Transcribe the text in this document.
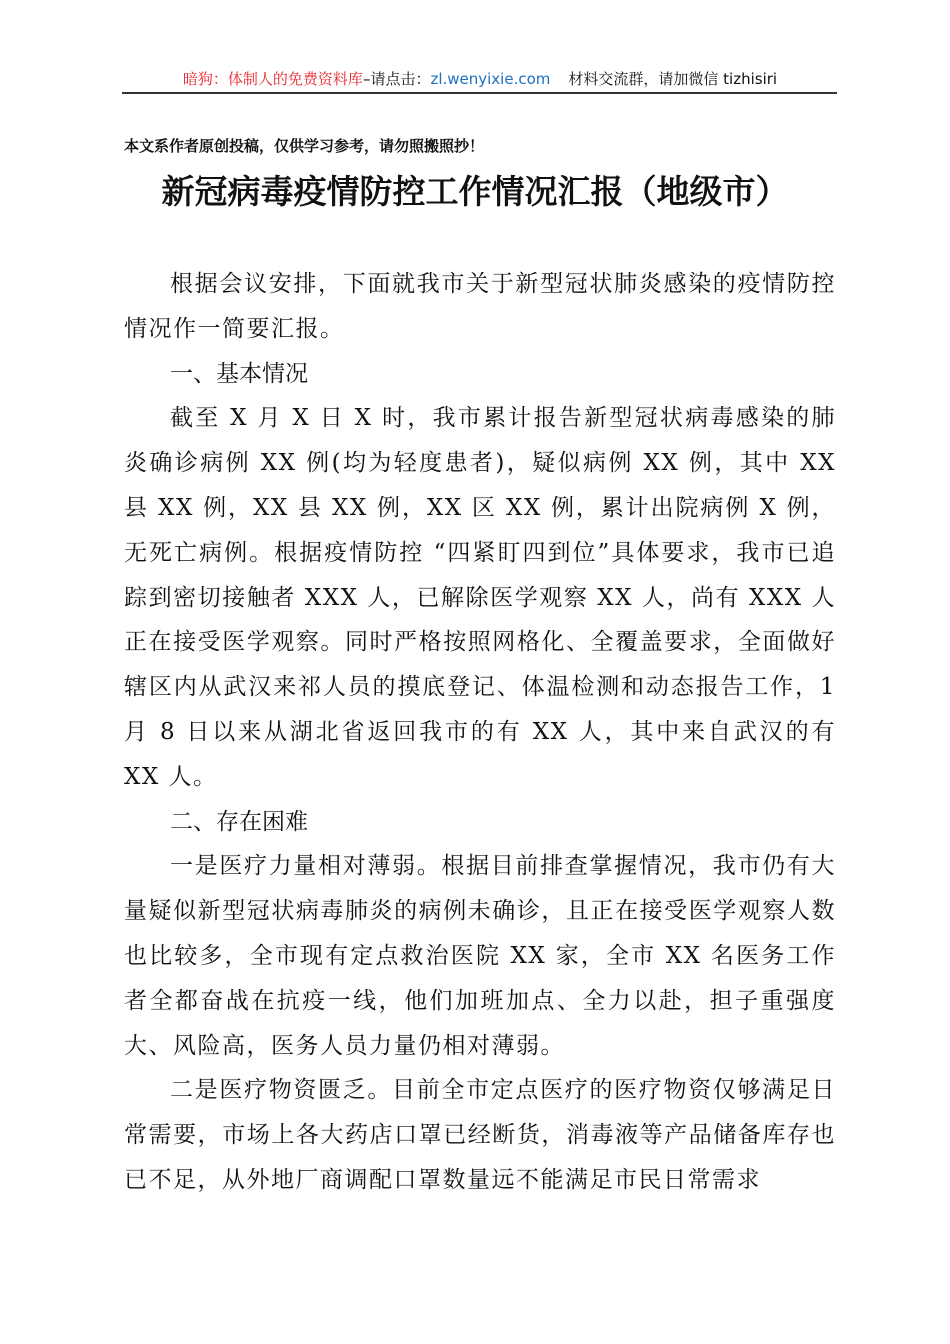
暗狗：体制人的免费资料库–请点击：zl.wenyixie.com 材料交流群，请加微信 tizhisiri
本文系作者原创投稿，仅供学习参考，请勿照搬照抄！
新冠病毒疫情防控工作情况汇报（地级市）

根据会议安排，下面就我市关于新型冠状肺炎感染的疫情防控情况作一简要汇报。

一、基本情况

截至 X 月 X 日 X 时，我市累计报告新型冠状病毒感染的肺炎确诊病例 XX 例(均为轻度患者)，疑似病例 XX 例，其中 XX 县 XX 例，XX 县 XX 例，XX 区 XX 例，累计出院病例 X 例，无死亡病例。根据疫情防控 “四紧盯四到位”具体要求，我市已追踪到密切接触者 XXX 人，已解除医学观察 XX 人，尚有 XXX 人正在接受医学观察。同时严格按照网格化、全覆盖要求，全面做好辖区内从武汉来祁人员的摸底登记、体温检测和动态报告工作，1 月 8 日以来从湖北省返回我市的有 XX 人，其中来自武汉的有 XX 人。

二、存在困难

一是医疗力量相对薄弱。根据目前排查掌握情况，我市仍有大量疑似新型冠状病毒肺炎的病例未确诊，且正在接受医学观察人数也比较多，全市现有定点救治医院 XX 家，全市 XX 名医务工作者全都奋战在抗疫一线，他们加班加点、全力以赴，担子重强度大、风险高，医务人员力量仍相对薄弱。

二是医疗物资匮乏。目前全市定点医疗的医疗物资仅够满足日常需要，市场上各大药店口罩已经断货，消毒液等产品储备库存也已不足，从外地厂商调配口罩数量远不能满足市民日常需求
